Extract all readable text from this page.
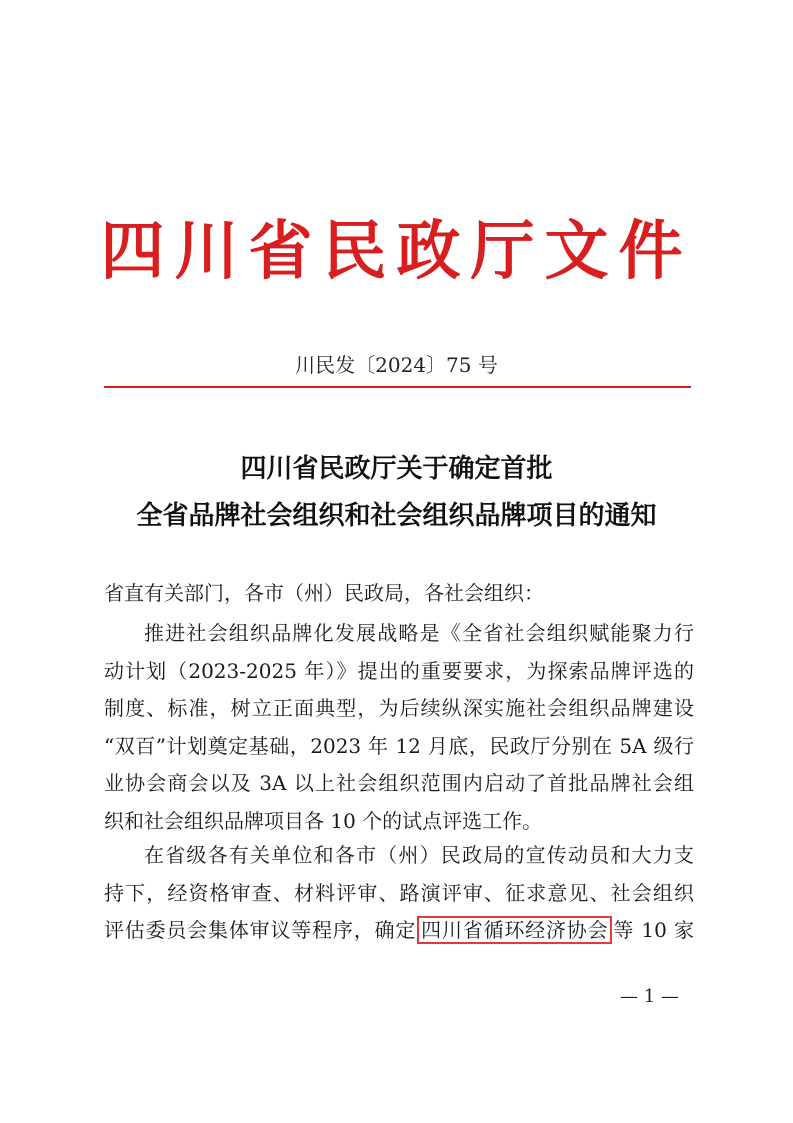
四川省民政厅文件
川民发〔2024〕75 号
四川省民政厅关于确定首批
全省品牌社会组织和社会组织品牌项目的通知
省直有关部门，各市（州）民政局，各社会组织：
推进社会组织品牌化发展战略是《全省社会组织赋能聚力行
动计划（2023-2025 年）》提出的重要要求，为探索品牌评选的
制度、标准，树立正面典型，为后续纵深实施社会组织品牌建设
“双百”计划奠定基础，2023 年 12 月底，民政厅分别在 5A 级行
业协会商会以及 3A 以上社会组织范围内启动了首批品牌社会组
织和社会组织品牌项目各 10 个的试点评选工作。
在省级各有关单位和各市（州）民政局的宣传动员和大力支
持下，经资格审查、材料评审、路演评审、征求意见、社会组织
评估委员会集体审议等程序，确定 四川省循环经济协会 等 10 家
— 1 —
